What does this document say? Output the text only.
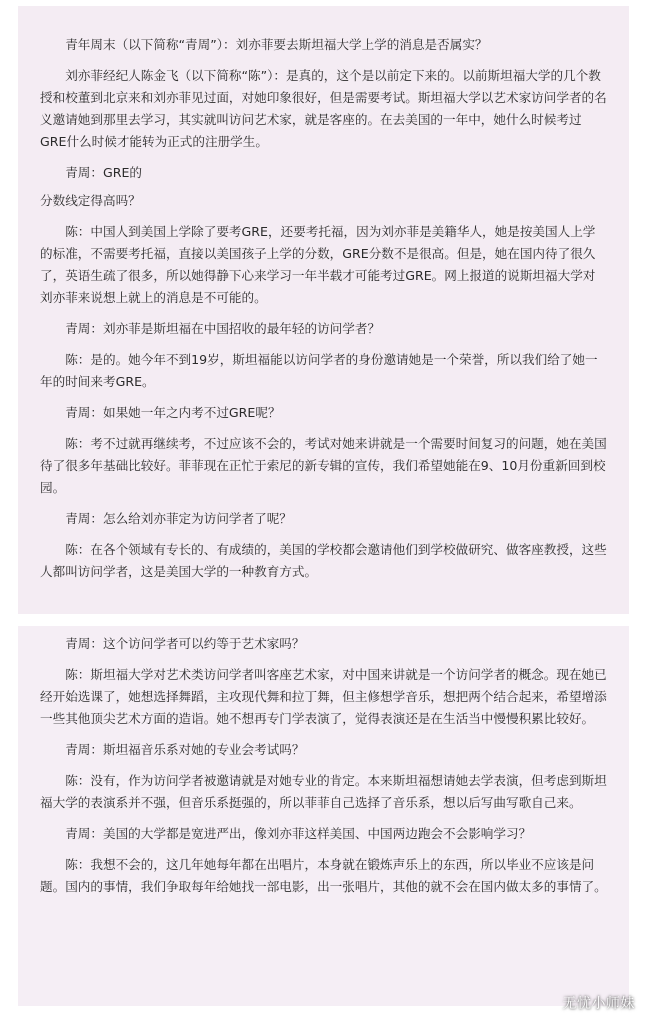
青年周末（以下简称“青周”）：刘亦菲要去斯坦福大学上学的消息是否属实？

刘亦菲经纪人陈金飞（以下简称“陈”）：是真的，这个是以前定下来的。以前斯坦福大学的几个教授和校董到北京来和刘亦菲见过面，对她印象很好，但是需要考试。斯坦福大学以艺术家访问学者的名义邀请她到那里去学习，其实就叫访问艺术家，就是客座的。在去美国的一年中，她什么时候考过GRE什么时候才能转为正式的注册学生。

青周：GRE的

分数线定得高吗？

陈：中国人到美国上学除了要考GRE，还要考托福，因为刘亦菲是美籍华人，她是按美国人上学的标准，不需要考托福，直接以美国孩子上学的分数，GRE分数不是很高。但是，她在国内待了很久了，英语生疏了很多，所以她得静下心来学习一年半载才可能考过GRE。网上报道的说斯坦福大学对刘亦菲来说想上就上的消息是不可能的。

青周：刘亦菲是斯坦福在中国招收的最年轻的访问学者？

陈：是的。她今年不到19岁，斯坦福能以访问学者的身份邀请她是一个荣誉，所以我们给了她一年的时间来考GRE。

青周：如果她一年之内考不过GRE呢？

陈：考不过就再继续考，不过应该不会的，考试对她来讲就是一个需要时间复习的问题，她在美国待了很多年基础比较好。菲菲现在正忙于索尼的新专辑的宣传，我们希望她能在9、10月份重新回到校园。

青周：怎么给刘亦菲定为访问学者了呢？

陈：在各个领域有专长的、有成绩的，美国的学校都会邀请他们到学校做研究、做客座教授，这些人都叫访问学者，这是美国大学的一种教育方式。

青周：这个访问学者可以约等于艺术家吗？

陈：斯坦福大学对艺术类访问学者叫客座艺术家，对中国来讲就是一个访问学者的概念。现在她已经开始选课了，她想选择舞蹈，主攻现代舞和拉丁舞，但主修想学音乐，想把两个结合起来，希望增添一些其他顶尖艺术方面的造诣。她不想再专门学表演了，觉得表演还是在生活当中慢慢积累比较好。

青周：斯坦福音乐系对她的专业会考试吗？

陈：没有，作为访问学者被邀请就是对她专业的肯定。本来斯坦福想请她去学表演，但考虑到斯坦福大学的表演系并不强，但音乐系挺强的，所以菲菲自己选择了音乐系，想以后写曲写歌自己来。

青周：美国的大学都是宽进严出，像刘亦菲这样美国、中国两边跑会不会影响学习？

陈：我想不会的，这几年她每年都在出唱片，本身就在锻炼声乐上的东西，所以毕业不应该是问题。国内的事情，我们争取每年给她找一部电影，出一张唱片，其他的就不会在国内做太多的事情了。

无忧小师妹
